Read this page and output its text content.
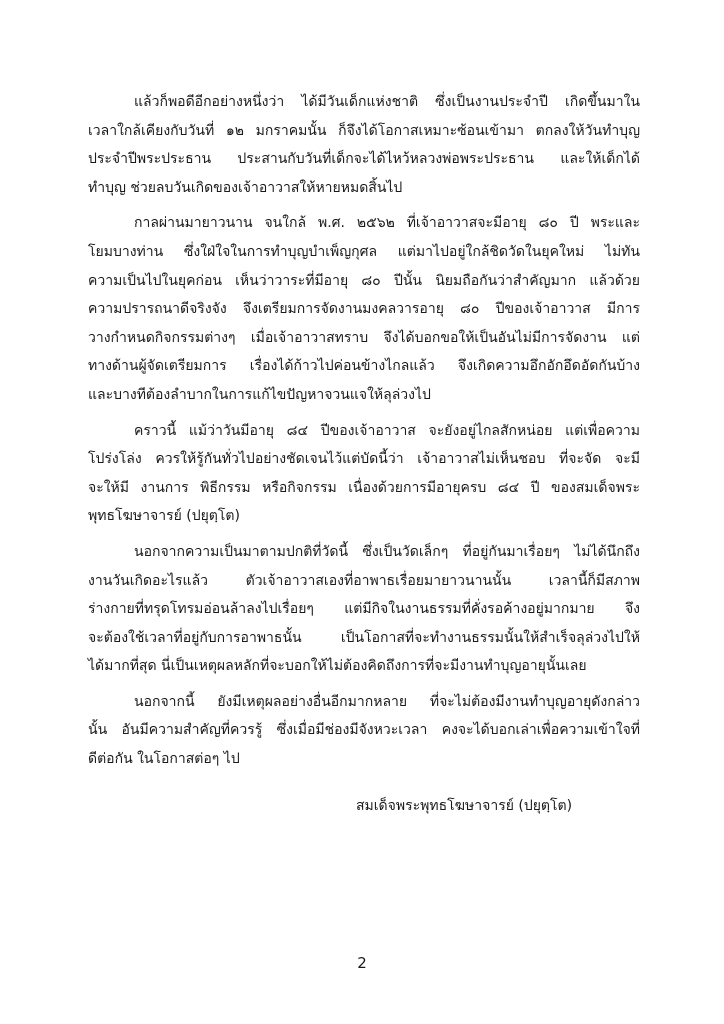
แล้วก็พอดีอีกอย่างหนึ่งว่า ได้มีวันเด็กแห่งชาติ ซึ่งเป็นงานประจำปี เกิดขึ้นมาใน
เวลาใกล้เคียงกับวันที่ ๑๒ มกราคมนั้น ก็จึงได้โอกาสเหมาะซ้อนเข้ามา ตกลงให้วันทำบุญ
ประจำปีพระประธาน ประสานกับวันที่เด็กจะได้ไหว้หลวงพ่อพระประธาน และให้เด็กได้
ทำบุญ ช่วยลบวันเกิดของเจ้าอาวาสให้หายหมดสิ้นไป

กาลผ่านมายาวนาน จนใกล้ พ.ศ. ๒๕๖๒ ที่เจ้าอาวาสจะมีอายุ ๘๐ ปี พระและ
โยมบางท่าน ซึ่งใฝ่ใจในการทำบุญบำเพ็ญกุศล แต่มาไปอยู่ใกล้ชิดวัดในยุคใหม่ ไม่ทัน
ความเป็นไปในยุคก่อน เห็นว่าวาระที่มีอายุ ๘๐ ปีนั้น นิยมถือกันว่าสำคัญมาก แล้วด้วย
ความปรารถนาดีจริงจัง จึงเตรียมการจัดงานมงคลวารอายุ ๘๐ ปีของเจ้าอาวาส มีการ
วางกำหนดกิจกรรมต่างๆ เมื่อเจ้าอาวาสทราบ จึงได้บอกขอให้เป็นอันไม่มีการจัดงาน แต่
ทางด้านผู้จัดเตรียมการ เรื่องได้ก้าวไปค่อนข้างไกลแล้ว จึงเกิดความอึกอักอึดอัดกันบ้าง
และบางทีต้องลำบากในการแก้ไขปัญหาจวนแจให้ลุล่วงไป

คราวนี้ แม้ว่าวันมีอายุ ๘๔ ปีของเจ้าอาวาส จะยังอยู่ไกลสักหน่อย แต่เพื่อความ
โปร่งโล่ง ควรให้รู้กันทั่วไปอย่างชัดเจนไว้แต่บัดนี้ว่า เจ้าอาวาสไม่เห็นชอบ ที่จะจัด จะมี
จะให้มี งานการ พิธีกรรม หรือกิจกรรม เนื่องด้วยการมีอายุครบ ๘๔ ปี ของสมเด็จพระ
พุทธโฆษาจารย์ (ปยุตฺโต)

นอกจากความเป็นมาตามปกติที่วัดนี้ ซึ่งเป็นวัดเล็กๆ ที่อยู่กันมาเรื่อยๆ ไม่ได้นึกถึง
งานวันเกิดอะไรแล้ว ตัวเจ้าอาวาสเองที่อาพาธเรื่อยมายาวนานนั้น เวลานี้ก็มีสภาพ
ร่างกายที่ทรุดโทรมอ่อนล้าลงไปเรื่อยๆ แต่มีกิจในงานธรรมที่คั่งรอค้างอยู่มากมาย จึง
จะต้องใช้เวลาที่อยู่กับการอาพาธนั้น เป็นโอกาสที่จะทำงานธรรมนั้นให้สำเร็จลุล่วงไปให้
ได้มากที่สุด นี่เป็นเหตุผลหลักที่จะบอกให้ไม่ต้องคิดถึงการที่จะมีงานทำบุญอายุนั้นเลย

นอกจากนี้ ยังมีเหตุผลอย่างอื่นอีกมากหลาย ที่จะไม่ต้องมีงานทำบุญอายุดังกล่าว
นั้น อันมีความสำคัญที่ควรรู้ ซึ่งเมื่อมีช่องมีจังหวะเวลา คงจะได้บอกเล่าเพื่อความเข้าใจที่
ดีต่อกัน ในโอกาสต่อๆ ไป

สมเด็จพระพุทธโฆษาจารย์ (ปยุตฺโต)
2
